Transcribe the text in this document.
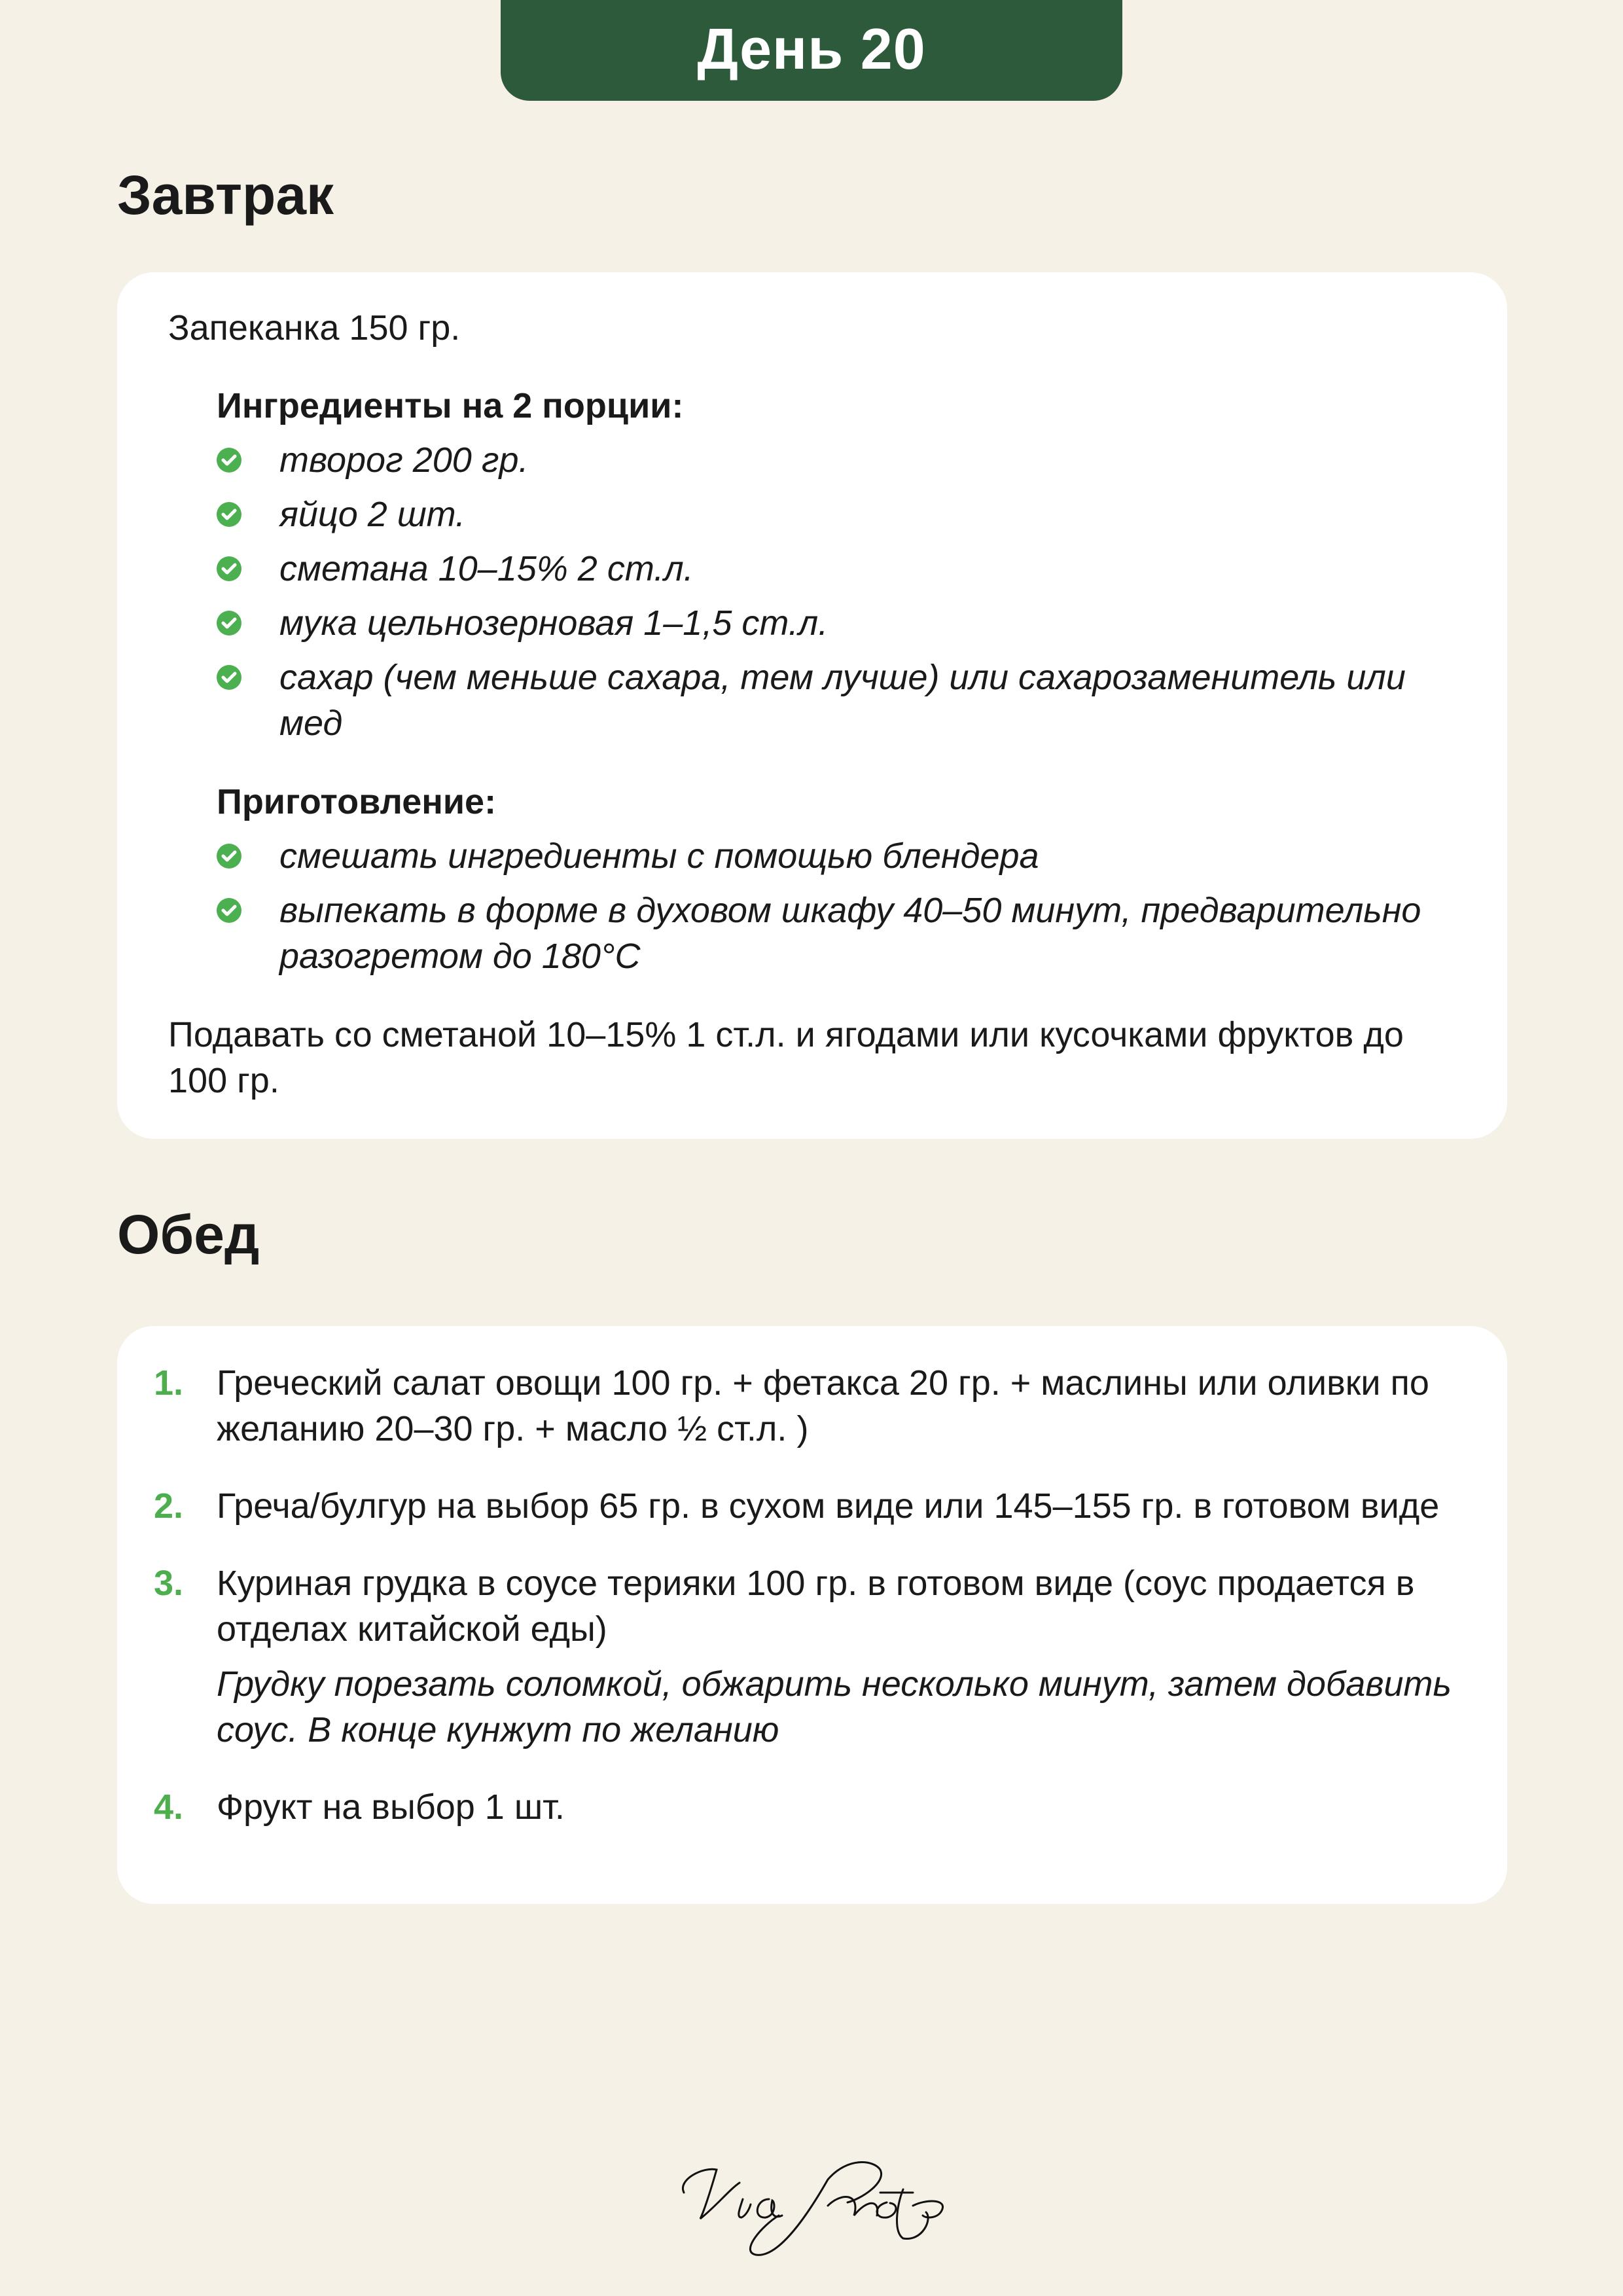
День 20
Завтрак
Запеканка 150 гр.
Ингредиенты на 2 порции:
творог 200 гр.
яйцо 2 шт.
сметана 10–15% 2 ст.л.
мука цельнозерновая 1–1,5 ст.л.
сахар (чем меньше сахара, тем лучше) или сахарозаменитель или мед
Приготовление:
смешать ингредиенты с помощью блендера
выпекать в форме в духовом шкафу 40–50 минут, предварительно разогретом до 180°C
Подавать со сметаной 10–15% 1 ст.л. и ягодами или кусочками фруктов до 100 гр.
Обед
1. Греческий салат овощи 100 гр. + фетакса 20 гр. + маслины или оливки по желанию 20–30 гр. + масло ½ ст.л. )
2. Греча/булгур на выбор 65 гр. в сухом виде или 145–155 гр. в готовом виде
3. Куриная грудка в соусе терияки 100 гр. в готовом виде (соус продается в отделах китайской еды)
Грудку порезать соломкой, обжарить несколько минут, затем добавить соус. В конце кунжут по желанию
4. Фрукт на выбор 1 шт.
